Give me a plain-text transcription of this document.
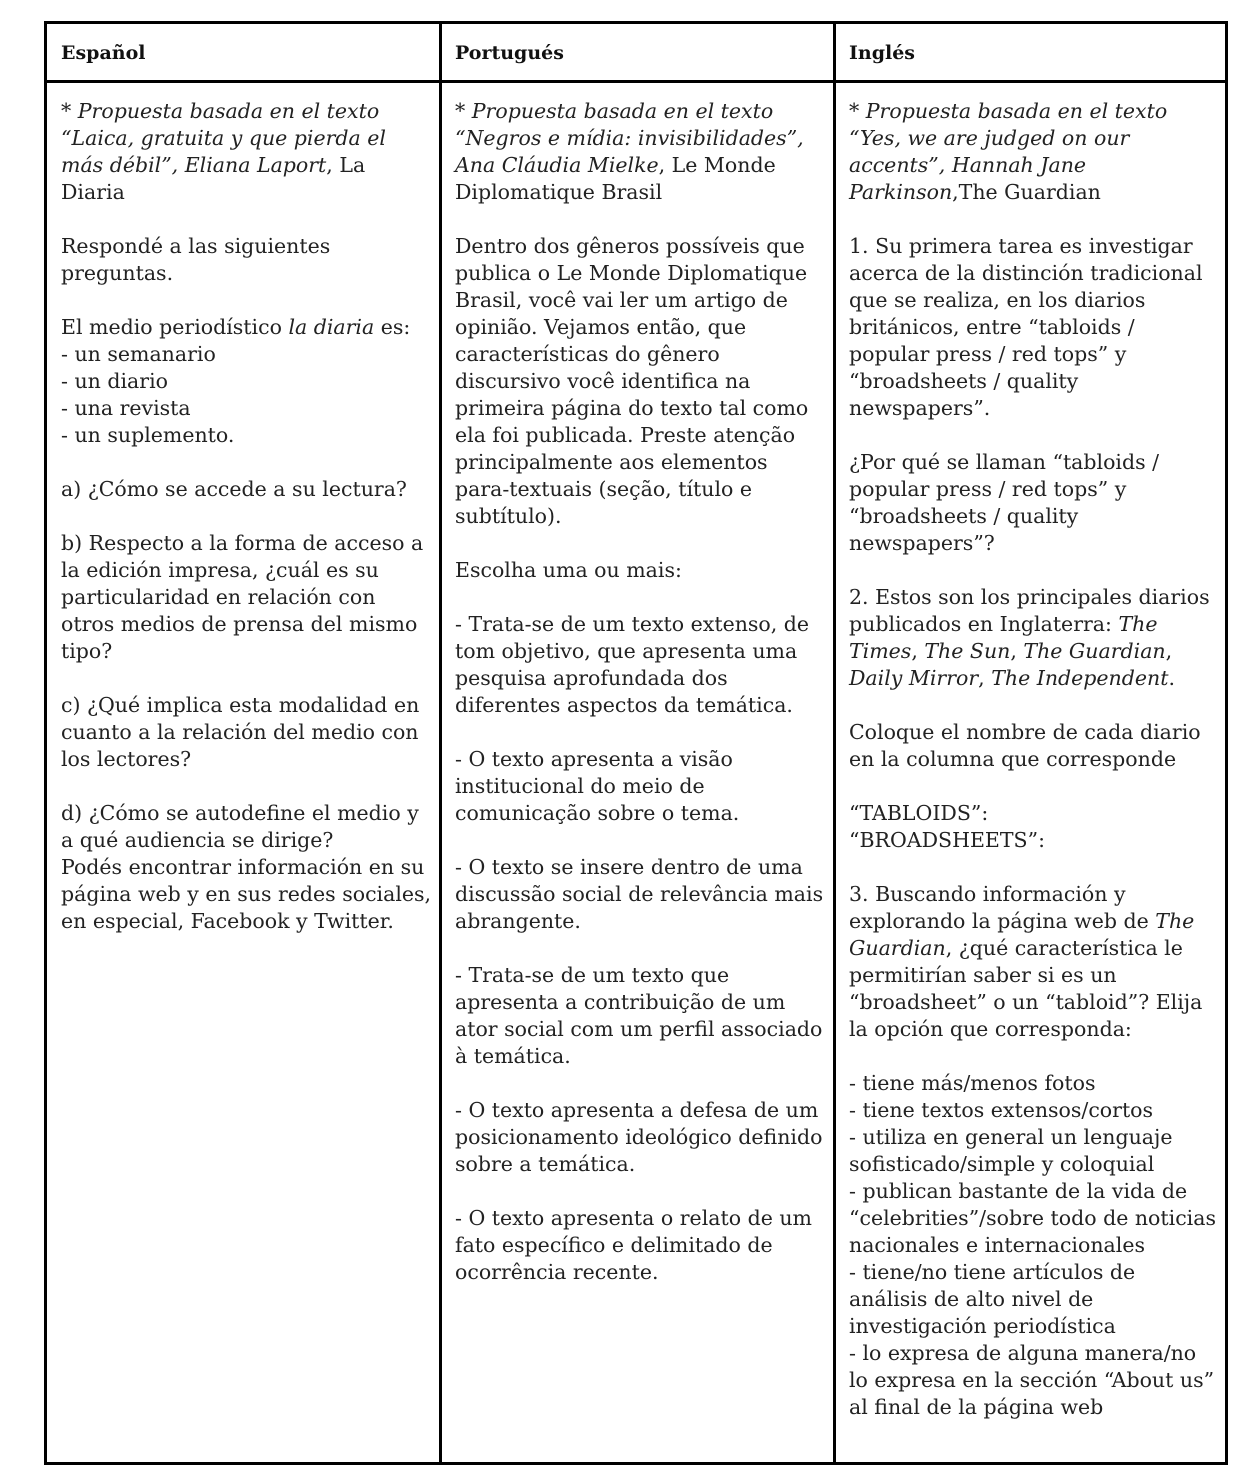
Español	Portugués	Inglés

* Propuesta basada en el texto “Laica, gratuita y que pierda el más débil”, Eliana Laport, La Diaria

Respondé a las siguientes preguntas.

El medio periodístico la diaria es:
- un semanario
- un diario
- una revista
- un suplemento.

a) ¿Cómo se accede a su lectura?

b) Respecto a la forma de acceso a la edición impresa, ¿cuál es su particularidad en relación con otros medios de prensa del mismo tipo?

c) ¿Qué implica esta modalidad en cuanto a la relación del medio con los lectores?

d) ¿Cómo se autodefine el medio y a qué audiencia se dirige?

Podés encontrar información en su página web y en sus redes sociales, en especial, Facebook y Twitter.

* Propuesta basada en el texto “Negros e mídia: invisibilidades”, Ana Cláudia Mielke, Le Monde Diplomatique Brasil

Dentro dos gêneros possíveis que publica o Le Monde Diplomatique Brasil, você vai ler um artigo de opinião. Vejamos então, que características do gênero discursivo você identifica na primeira página do texto tal como ela foi publicada. Preste atenção principalmente aos elementos para-textuais (seção, título e subtítulo).

Escolha uma ou mais:

- Trata-se de um texto extenso, de tom objetivo, que apresenta uma pesquisa aprofundada dos diferentes aspectos da temática.

- O texto apresenta a visão institucional do meio de comunicação sobre o tema.

- O texto se insere dentro de uma discussão social de relevância mais abrangente.

- Trata-se de um texto que apresenta a contribuição de um ator social com um perfil associado à temática.

- O texto apresenta a defesa de um posicionamento ideológico definido sobre a temática.

- O texto apresenta o relato de um fato específico e delimitado de ocorrência recente.

* Propuesta basada en el texto “Yes, we are judged on our accents”, Hannah Jane Parkinson,The Guardian

1. Su primera tarea es investigar acerca de la distinción tradicional que se realiza, en los diarios británicos, entre “tabloids / popular press / red tops” y “broadsheets / quality newspapers”.

¿Por qué se llaman “tabloids / popular press / red tops” y “broadsheets / quality newspapers”?

2. Estos son los principales diarios publicados en Inglaterra: The Times, The Sun, The Guardian, Daily Mirror, The Independent.

Coloque el nombre de cada diario en la columna que corresponde

“TABLOIDS”:
“BROADSHEETS”:

3. Buscando información y explorando la página web de The Guardian, ¿qué característica le permitirían saber si es un “broadsheet” o un “tabloid”? Elija la opción que corresponda:

- tiene más/menos fotos

- tiene textos extensos/cortos

- utiliza en general un lenguaje sofisticado/simple y coloquial

- publican bastante de la vida de “celebrities”/sobre todo de noticias nacionales e internacionales

- tiene/no tiene artículos de análisis de alto nivel de investigación periodística

- lo expresa de alguna manera/no lo expresa en la sección “About us” al final de la página web
